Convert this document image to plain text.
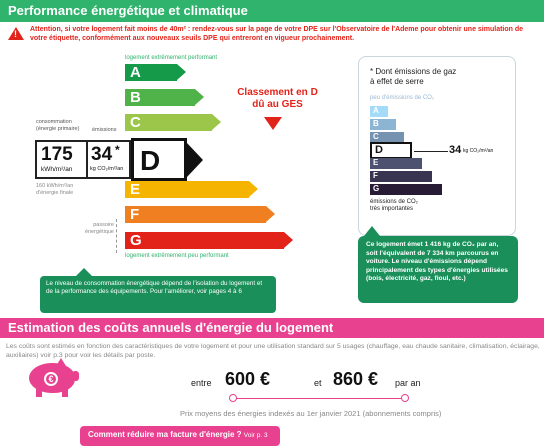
Performance énergétique et climatique
! Attention, si votre logement fait moins de 40m² : rendez-vous sur la page de votre DPE sur l'Observatoire de l'Ademe pour obtenir une simulation de votre étiquette, conformément aux nouveaux seuils DPE qui entreront en vigueur prochainement.
logement extrêmement performant
A
B
C
E
F
G
logement extrêmement peu performant
consommation (énergie primaire)	émissions
175
kWh/m²/an
34 *
kg CO₂/m²/an D
160 kWh/m²/an d'énergie finale
passoire énergétique
Classement en D
dû au GES
Le niveau de consommation énergétique dépend de l'isolation du logement et de la performance des équipements. Pour l'améliorer, voir pages 4 à 6
* Dont émissions de gaz
à effet de serre
peu d'émissions de CO₂
A
B
C
D
E
F
G
émissions de CO₂
très importantes
34 kg CO₂/m²/an
Ce logement émet 1 416 kg de CO₂ par an, soit l'équivalent de 7 334 km parcourus en voiture. Le niveau d'émissions dépend principalement des types d'énergies utilisées (bois, électricité, gaz, fioul, etc.)
Estimation des coûts annuels d'énergie du logement
Les coûts sont estimés en fonction des caractéristiques de votre logement et pour une utilisation standard sur 5 usages (chauffage, eau chaude sanitaire, climatisation, éclairage, auxiliaires) voir p.3 pour voir les détails par poste.
€	entre 600 €	et 860 € par an
Prix moyens des énergies indexés au 1er janvier 2021 (abonnements compris)
Comment réduire ma facture d'énergie ? Voir p. 3
